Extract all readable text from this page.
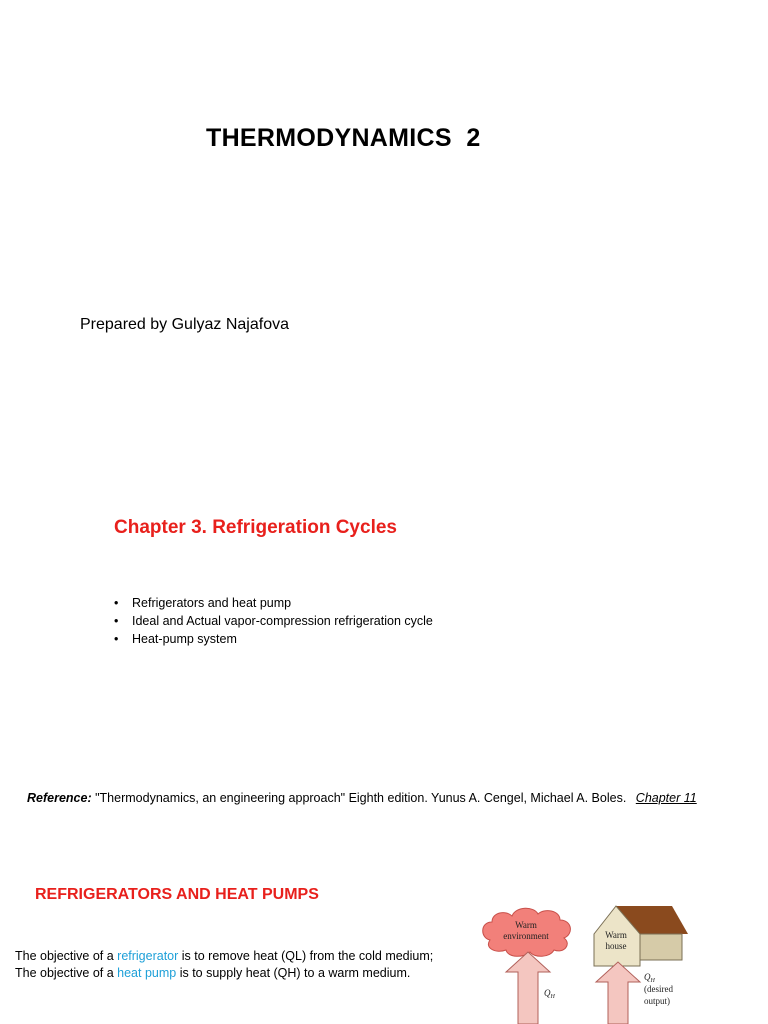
THERMODYNAMICS  2
Prepared by Gulyaz Najafova
Chapter 3. Refrigeration Cycles
• Refrigerators and heat pump
• Ideal and Actual vapor-compression refrigeration cycle
• Heat-pump system
Reference: "Thermodynamics, an engineering approach" Eighth edition. Yunus A. Cengel, Michael A. Boles. Chapter 11
REFRIGERATORS AND HEAT PUMPS
The objective of a refrigerator is to remove heat (QL) from the cold medium;
The objective of a heat pump is to supply heat (QH) to a warm medium.
Warm
environment
$Q_H$
Warm
house
$Q_H$
(desired
output)
